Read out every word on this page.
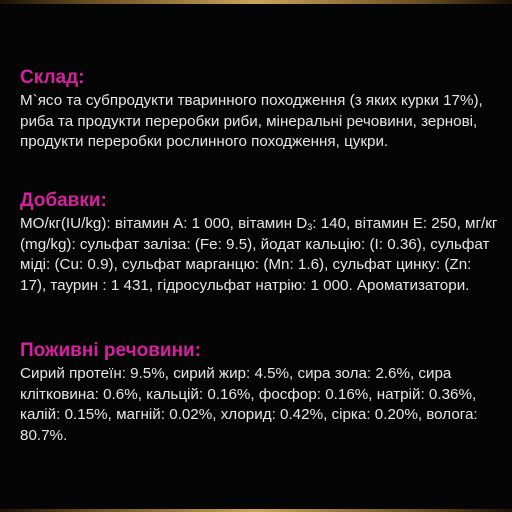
Склад:

М`ясо та субпродукти тваринного походження (з яких курки 17%), риба та продукти переробки риби, мінеральні речовини, зернові, продукти переробки рослинного походження, цукри.

Добавки:

МО/кг(IU/kg): вітамин A: 1 000, вітамин $D_3$: 140, вітамин E: 250, мг/кг (mg/kg): сульфат заліза: (Fe: 9.5), йодат кальцію: (I: 0.36), сульфат міді: (Cu: 0.9), сульфат марганцю: (Mn: 1.6), сульфат цинку: (Zn: 17), таурин : 1 431, гідросульфат натрію: 1 000. Ароматизатори.

Поживні речовини:

Сирий протеїн: 9.5%, сирий жир: 4.5%, сира зола: 2.6%, сира клітковина: 0.6%, кальцій: 0.16%, фосфор: 0.16%, натрій: 0.36%, калій: 0.15%, магній: 0.02%, хлорид: 0.42%, сірка: 0.20%, волога: 80.7%.
